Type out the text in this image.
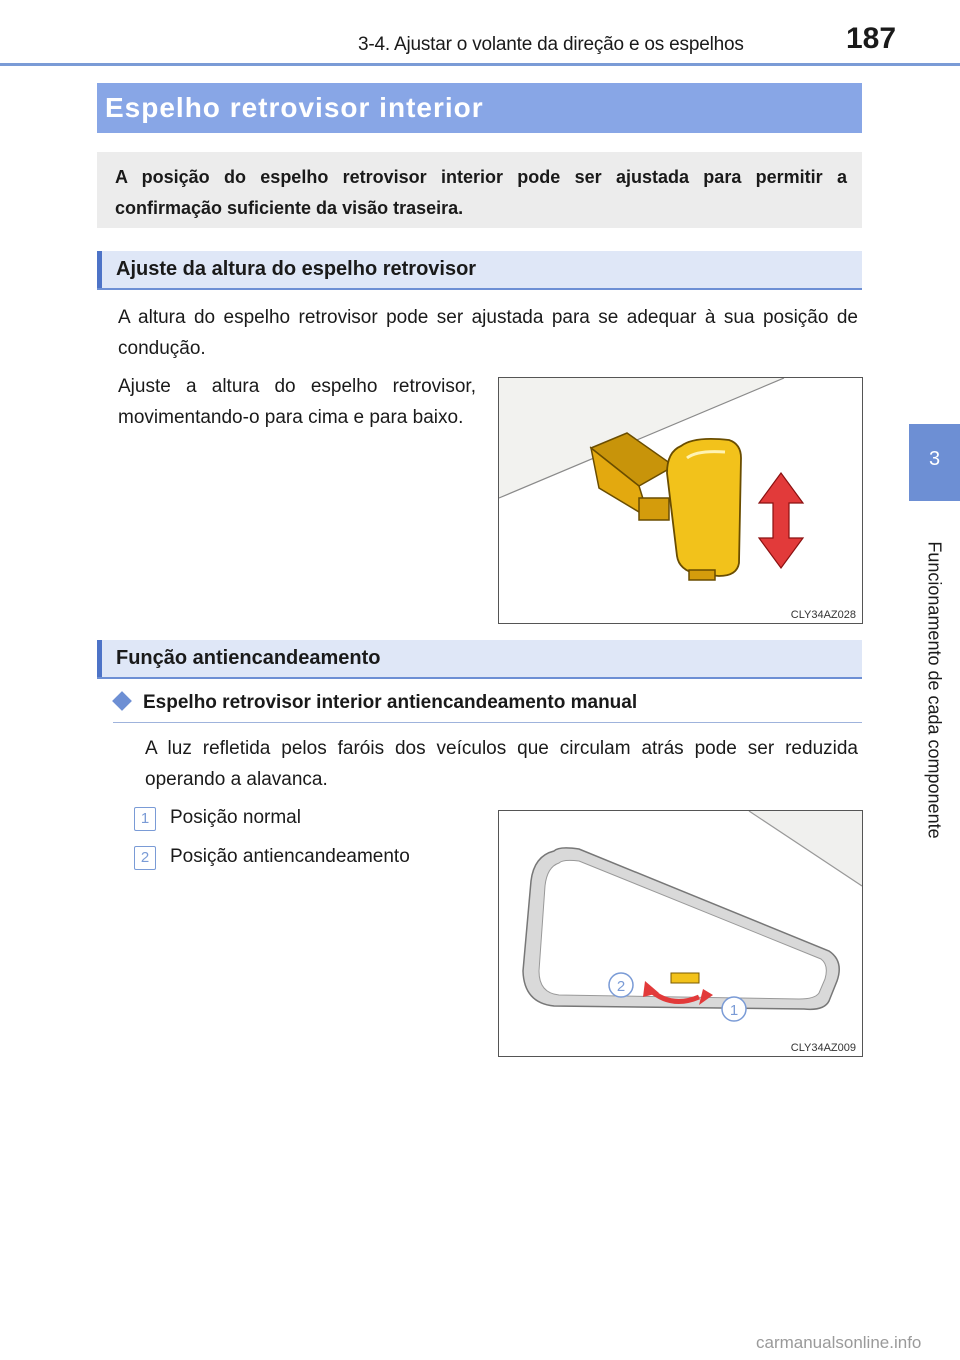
3-4. Ajustar o volante da direção e os espelhos	187
3
Funcionamento de cada componente
Espelho retrovisor interior
A posição do espelho retrovisor interior pode ser ajustada para permitir a confirmação suficiente da visão traseira.
Ajuste da altura do espelho retrovisor
A altura do espelho retrovisor pode ser ajustada para se adequar à sua posição de condução.
Ajuste a altura do espelho retrovisor, movimentando-o para cima e para baixo.
CLY34AZ028
Função antiencandeamento
Espelho retrovisor interior antiencandeamento manual
A luz refletida pelos faróis dos veículos que circulam atrás pode ser reduzida operando a alavanca.
1	Posição normal
2	Posição antiencandeamento
2
1
CLY34AZ009
carmanualsonline.info
